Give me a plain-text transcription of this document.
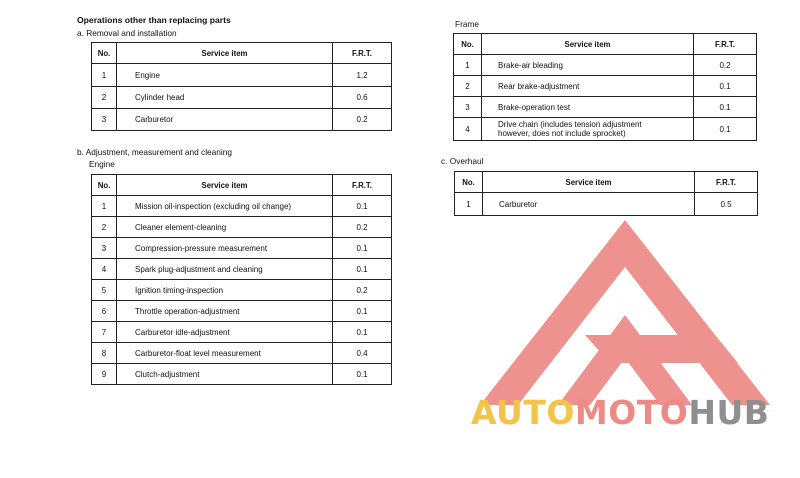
Operations other than replacing parts
a. Removal and installation
No.	Service item	F.R.T.
1	Engine	1.2
2	Cylinder head	0.6
3	Carburetor	0.2
b. Adjustment, measurement and cleaning
Engine
No.	Service item	F.R.T.
1	Mission oil-inspection (excluding oil change)	0.1
2	Cleaner element-cleaning	0.2
3	Compression-pressure measurement	0.1
4	Spark plug-adjustment and cleaning	0.1
5	Ignition timing-inspection	0.2
6	Throttle operation-adjustment	0.1
7	Carburetor idle-adjustment	0.1
8	Carburetor-float level measurement	0.4
9	Clutch-adjustment	0.1
Frame
No.	Service item	F.R.T.
1	Brake-air bleading	0.2
2	Rear brake-adjustment	0.1
3	Brake-operation test	0.1
4	Drive chain (includes tension adjustment however, does not include sprocket)	0.1
c. Overhaul
No.	Service item	F.R.T.
1	Carburetor	0.5
AUTOMOTOHUB
